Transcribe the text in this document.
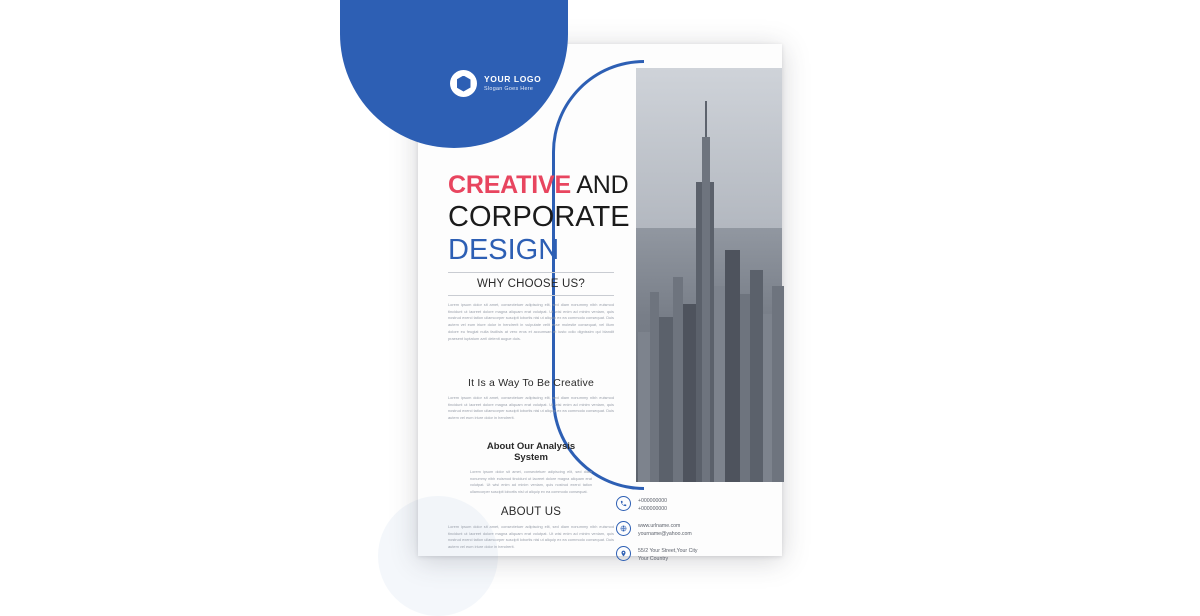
YOUR LOGO
Slogan Goes Here
CREATIVE AND
CORPORATE
DESIGN
WHY CHOOSE US?
Lorem ipsum dolor sit amet, consectetuer adipiscing elit, sed diam nonummy nibh euismod tincidunt ut laoreet dolore magna aliquam erat volutpat. Ut wisi enim ad minim veniam, quis nostrud exerci tation ullamcorper suscipit lobortis nisl ut aliquip ex ea commodo consequat. Duis autem vel eum iriure dolor in hendrerit in vulputate velit esse molestie consequat, vel illum dolore eu feugiat nulla facilisis at vero eros et accumsan et iusto odio dignissim qui blandit praesent luptatum zzril delenit augue duis.
It Is a Way To Be Creative
Lorem ipsum dolor sit amet, consectetuer adipiscing elit, sed diam nonummy nibh euismod tincidunt ut laoreet dolore magna aliquam erat volutpat. Ut wisi enim ad minim veniam, quis nostrud exerci tation ullamcorper suscipit lobortis nisl ut aliquip ex ea commodo consequat. Duis autem vel eum iriure dolor in hendrerit.
About Our Analysis System
Lorem ipsum dolor sit amet, consectetuer adipiscing elit, sed diam nonummy nibh euismod tincidunt ut laoreet dolore magna aliquam erat volutpat. Ut wisi enim ad minim veniam, quis nostrud exerci tation ullamcorper suscipit lobortis nisl ut aliquip ex ea commodo consequat.
ABOUT US
Lorem ipsum dolor sit amet, consectetuer adipiscing elit, sed diam nonummy nibh euismod tincidunt ut laoreet dolore magna aliquam erat volutpat. Ut wisi enim ad minim veniam, quis nostrud exerci tation ullamcorper suscipit lobortis nisl ut aliquip ex ea commodo consequat. Duis autem vel eum iriure dolor in hendrerit.
+000000000
+000000000
www.urlname.com
yourname@yahoo.com
55/2 Your Street,Your City
Your Country
